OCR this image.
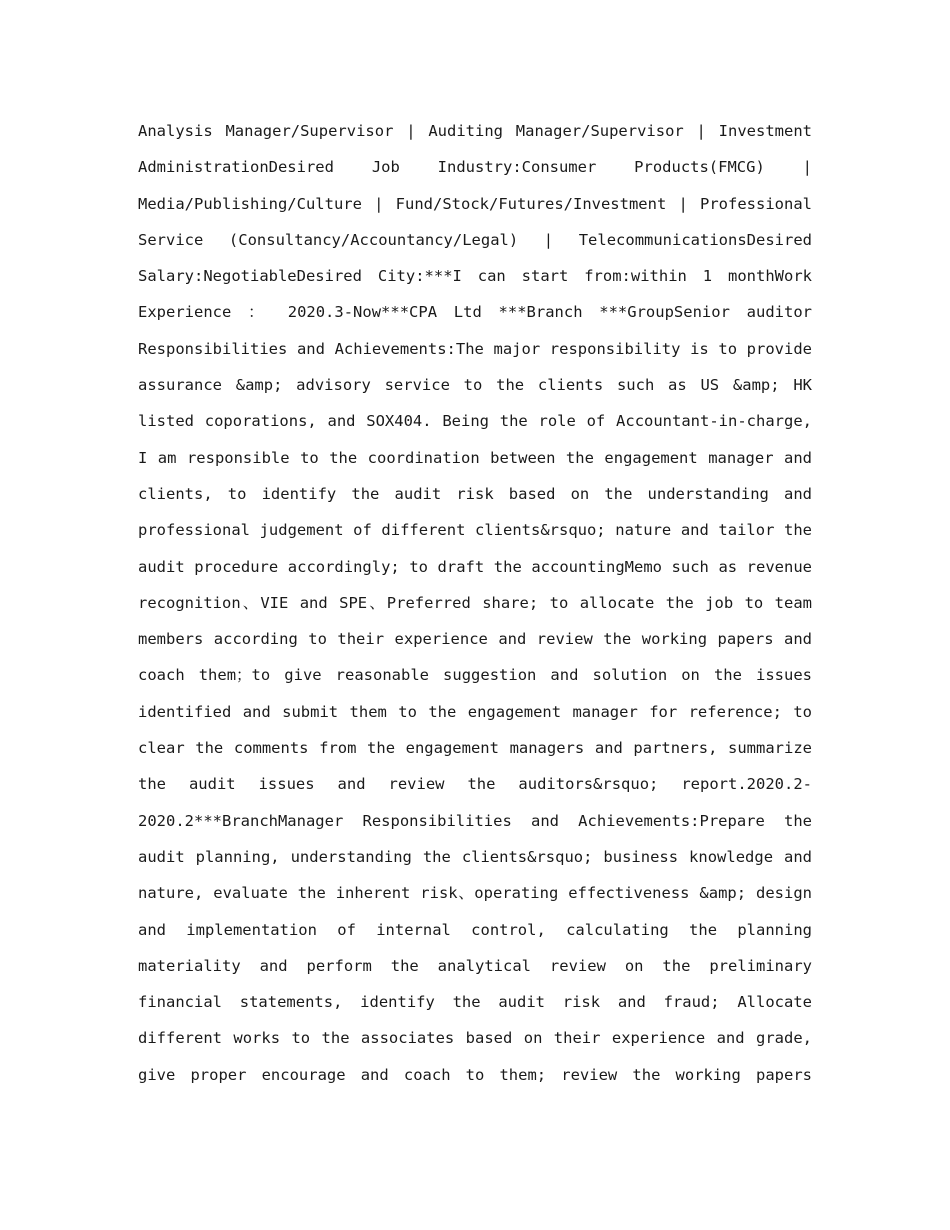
Analysis Manager/Supervisor | Auditing Manager/Supervisor | Investment
AdministrationDesired Job Industry:Consumer Products(FMCG) |
Media/Publishing/Culture | Fund/Stock/Futures/Investment | Professional
Service (Consultancy/Accountancy/Legal) | TelecommunicationsDesired
Salary:NegotiableDesired City:***I can start from:within 1 monthWork
Experience ： 2020.3-Now***CPA Ltd ***Branch ***GroupSenior auditor
Responsibilities and Achievements:The major responsibility is to provide
assurance &amp; advisory service to the clients such as US &amp; HK
listed coporations, and SOX404. Being the role of Accountant-in-charge,
I am responsible to the coordination between the engagement manager and
clients, to identify the audit risk based on the understanding and
professional judgement of different clients&rsquo; nature and tailor the
audit procedure accordingly; to draft the accountingMemo such as revenue
recognition、VIE and SPE、Preferred share; to allocate the job to team
members according to their experience and review the working papers and
coach them；to give reasonable suggestion and solution on the issues
identified and submit them to the engagement manager for reference; to
clear the comments from the engagement managers and partners, summarize
the audit issues and review the auditors&rsquo; report.2020.2-
2020.2***BranchManager Responsibilities and Achievements:Prepare the
audit planning, understanding the clients&rsquo; business knowledge and
nature, evaluate the inherent risk、operating effectiveness &amp; design
and implementation of internal control, calculating the planning
materiality and perform the analytical review on the preliminary
financial statements, identify the audit risk and fraud; Allocate
different works to the associates based on their experience and grade,
give proper encourage and coach to them; review the working papers
